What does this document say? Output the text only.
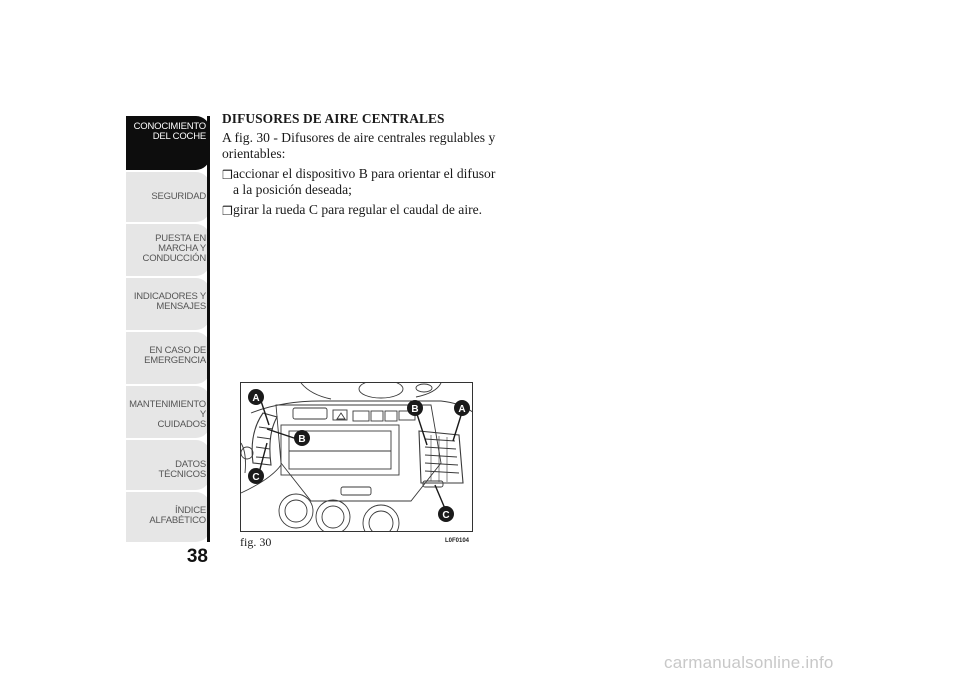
CONOCIMIENTO
DEL COCHE
SEGURIDAD
PUESTA EN
MARCHA Y
CONDUCCIÓN
INDICADORES Y
MENSAJES
EN CASO DE
EMERGENCIA
MANTENIMIENTO Y
CUIDADOS
DATOS TÉCNICOS
ÍNDICE
ALFABÉTICO
38
DIFUSORES DE AIRE CENTRALES
A fig. 30 - Difusores de aire centrales regulables y orientables:
❒ accionar el dispositivo B para orientar el difusor a la posición deseada;
❒ girar la rueda C para regular el caudal de aire.
A
B
C
B	A
C
fig. 30	L0F0104
carmanualsonline.info
